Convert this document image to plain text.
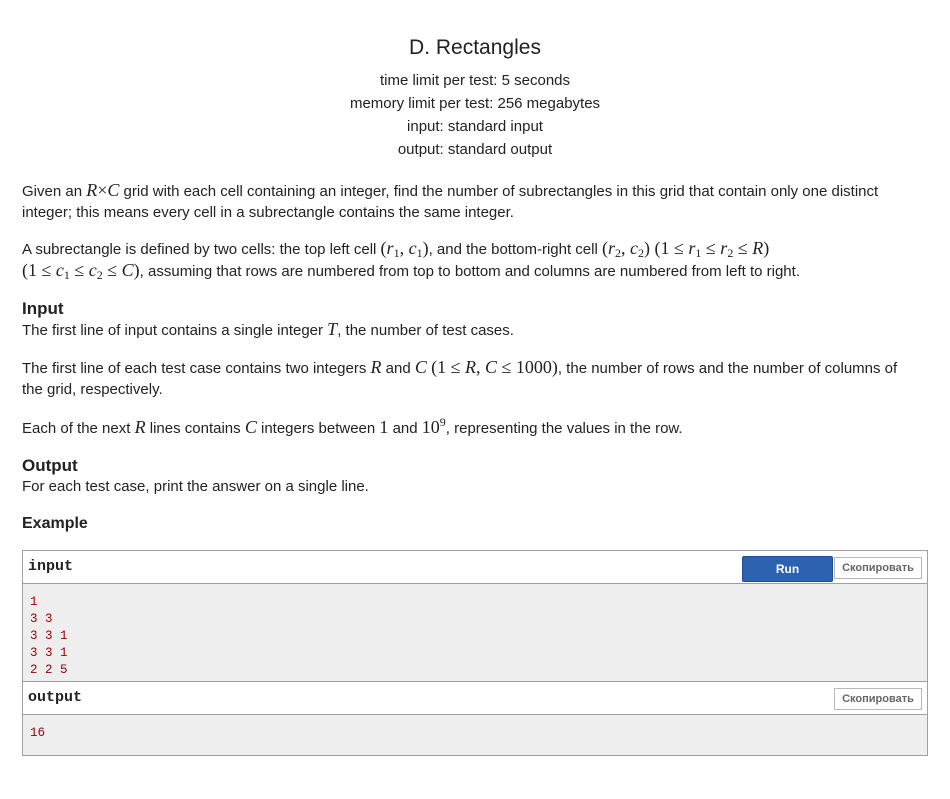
D. Rectangles
time limit per test: 5 seconds
memory limit per test: 256 megabytes
input: standard input
output: standard output

Given an R×C grid with each cell containing an integer, find the number of subrectangles in this grid that contain only one distinct integer; this means every cell in a subrectangle contains the same integer.

A subrectangle is defined by two cells: the top left cell ($r_1$, $c_1$), and the bottom-right cell ($r_2$, $c_2$) $(1 \le r_1 \le r_2 \le R)$
$(1 \le c_1 \le c_2 \le C)$, assuming that rows are numbered from top to bottom and columns are numbered from left to right.

Input

The first line of input contains a single integer T, the number of test cases.

The first line of each test case contains two integers R and C (1 ≤ R, C ≤ 1000), the number of rows and the number of columns of the grid, respectively.

Each of the next R lines contains C integers between 1 and $10^9$, representing the values in the row.

Output

For each test case, print the answer on a single line.

Example
input	Run	Скопировать
1
3 3
3 3 1
3 3 1
2 2 5
output	Скопировать
16
